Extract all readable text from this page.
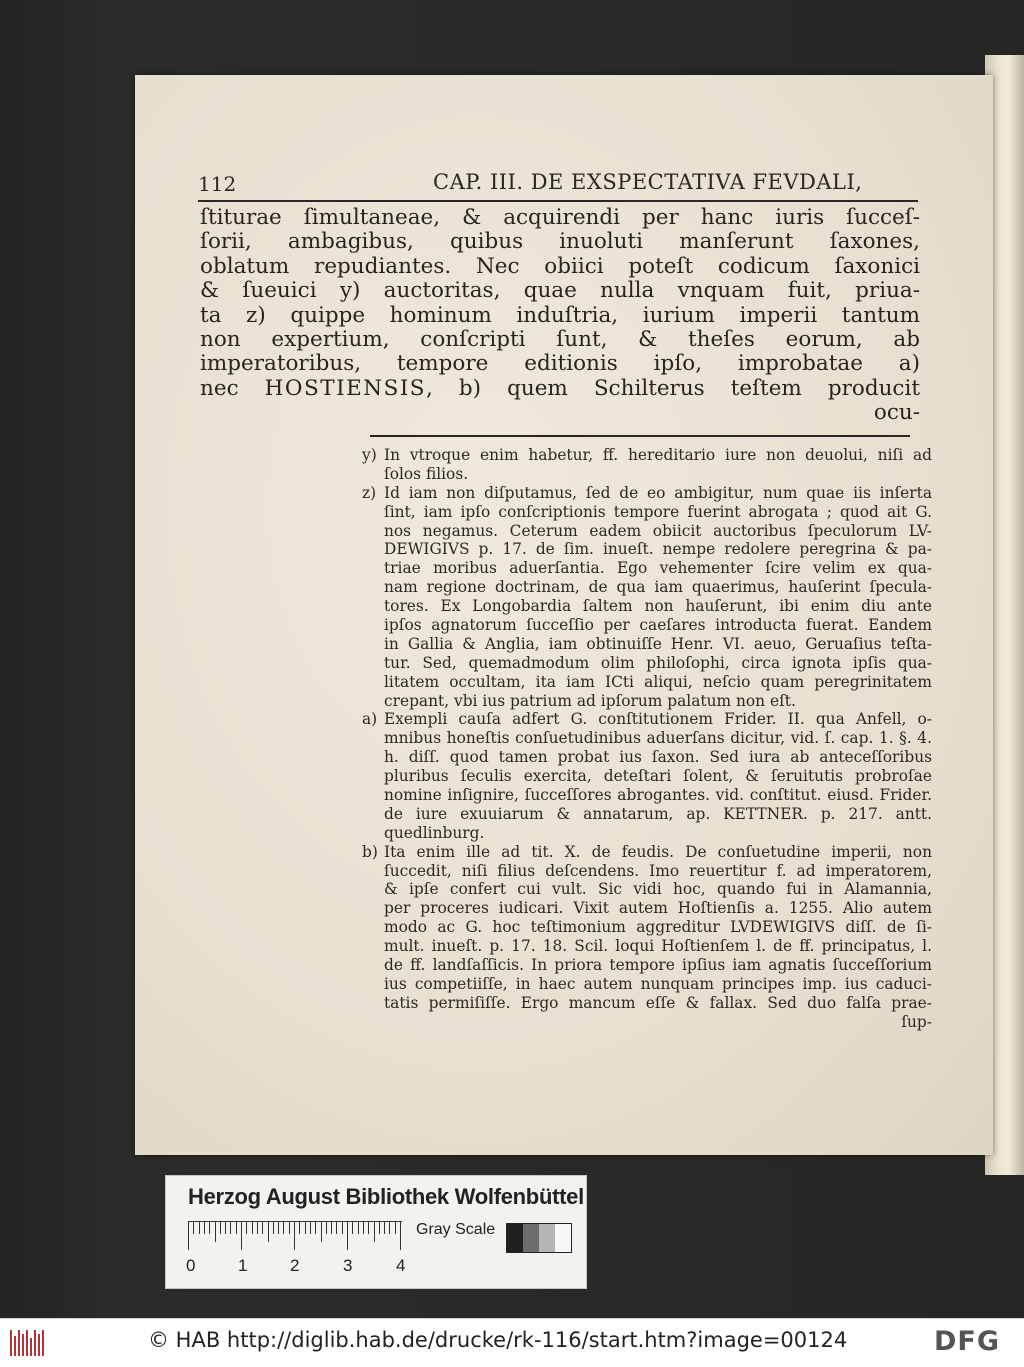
112	CAP. III. DE EXSPECTATIVA FEVDALI,
ſtiturae ſimultaneae, & acquirendi per hanc iuris ſucceſ-
ſorii, ambagibus, quibus inuoluti manſerunt ſaxones,
oblatum repudiantes. Nec obiici poteſt codicum ſaxonici
& ſueuici y) auctoritas, quae nulla vnquam fuit, priua-
ta z) quippe hominum induſtria, iurium imperii tantum
non expertium, conſcripti ſunt, & theſes eorum, ab
imperatoribus, tempore editionis ipſo, improbatae a)
nec HOSTIENSIS, b) quem Schilterus teſtem producit
ocu-
y) In vtroque enim habetur, ff. hereditario iure non deuolui, niſi ad
ſolos filios.
z) Id iam non diſputamus, ſed de eo ambigitur, num quae iis inſerta
ſint, iam ipſo conſcriptionis tempore fuerint abrogata ; quod ait G.
nos negamus. Ceterum eadem obiicit auctoribus ſpeculorum LV-
DEWIGIVS p. 17. de ſim. inueſt. nempe redolere peregrina & pa-
triae moribus aduerſantia. Ego vehementer ſcire velim ex qua-
nam regione doctrinam, de qua iam quaerimus, hauſerint ſpecula-
tores. Ex Longobardia ſaltem non hauſerunt, ibi enim diu ante
ipſos agnatorum ſucceſſio per caeſares introducta fuerat. Eandem
in Gallia & Anglia, iam obtinuiſſe Henr. VI. aeuo, Geruaſius teſta-
tur. Sed, quemadmodum olim philoſophi, circa ignota ipſis qua-
litatem occultam, ita iam ICti aliqui, neſcio quam peregrinitatem
crepant, vbi ius patrium ad ipſorum palatum non eſt.
a) Exempli cauſa adfert G. conſtitutionem Frider. II. qua Anfell, o-
mnibus honeſtis conſuetudinibus aduerſans dicitur, vid. ſ. cap. 1. §. 4.
h. diſſ. quod tamen probat ius ſaxon. Sed iura ab anteceſſoribus
pluribus ſeculis exercita, deteſtari ſolent, & ſeruitutis probroſae
nomine inſignire, ſucceſſores abrogantes. vid. conſtitut. eiusd. Frider.
de iure exuuiarum & annatarum, ap. KETTNER. p. 217. antt.
quedlinburg.
b) Ita enim ille ad tit. X. de feudis. De conſuetudine imperii, non
ſuccedit, niſi filius deſcendens. Imo reuertitur f. ad imperatorem,
& ipſe confert cui vult. Sic vidi hoc, quando fui in Alamannia,
per proceres iudicari. Vixit autem Hoſtienſis a. 1255. Alio autem
modo ac G. hoc teſtimonium aggreditur LVDEWIGIVS diſſ. de ſi-
mult. inueſt. p. 17. 18. Scil. loqui Hoſtienſem l. de ff. principatus, l.
de ff. landſaſſicis. In priora tempore ipſius iam agnatis ſucceſſorium
ius competiiſſe, in haec autem nunquam principes imp. ius caduci-
tatis permiſiſſe. Ergo mancum eſſe & fallax. Sed duo falſa prae-
ſup-
Herzog August Bibliothek Wolfenbüttel
0	1	2	3	4
Gray Scale
© HAB http://diglib.hab.de/drucke/rk-116/start.htm?image=00124	DFG
